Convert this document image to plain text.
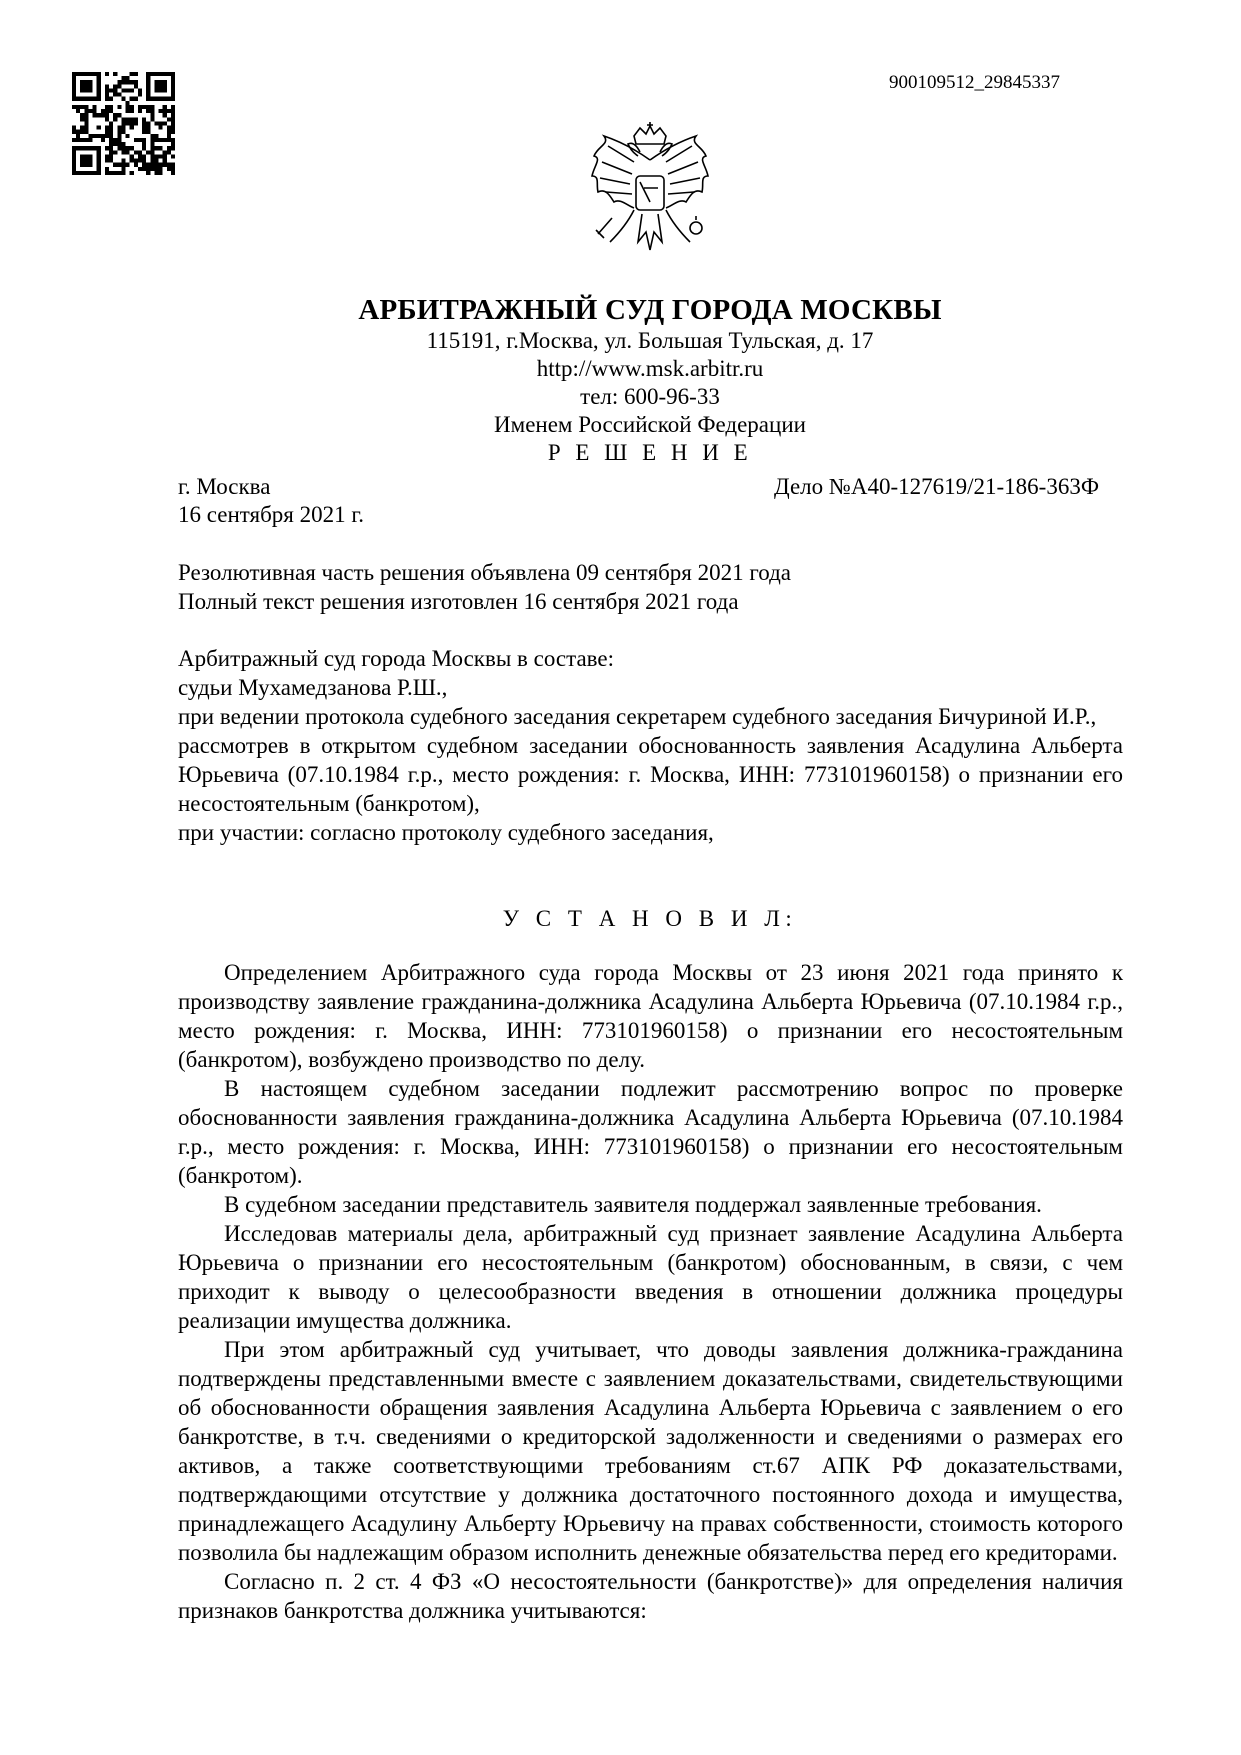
900109512_29845337
АРБИТРАЖНЫЙ СУД ГОРОДА МОСКВЫ
115191, г.Москва, ул. Большая Тульская, д. 17
http://www.msk.arbitr.ru
тел: 600-96-33
Именем Российской Федерации
Р Е Ш Е Н И Е
г. Москва	Дело №А40-127619/21-186-363Ф
16 сентября 2021 г.

Резолютивная часть решения объявлена 09 сентября 2021 года

Полный текст решения изготовлен 16 сентября 2021 года

Арбитражный суд города Москвы в составе:

судьи Мухамедзанова Р.Ш.,

при ведении протокола судебного заседания секретарем судебного заседания Бичуриной И.Р.,

рассмотрев в открытом судебном заседании обоснованность заявления Асадулина Альберта Юрьевича (07.10.1984 г.р., место рождения: г. Москва, ИНН: 773101960158) о признании его несостоятельным (банкротом),

при участии: согласно протоколу судебного заседания,

У С Т А Н О В И Л:

Определением Арбитражного суда города Москвы от 23 июня 2021 года принято к производству заявление гражданина-должника Асадулина Альберта Юрьевича (07.10.1984 г.р., место рождения: г. Москва, ИНН: 773101960158) о признании его несостоятельным (банкротом), возбуждено производство по делу.

В настоящем судебном заседании подлежит рассмотрению вопрос по проверке обоснованности заявления гражданина-должника Асадулина Альберта Юрьевича (07.10.1984 г.р., место рождения: г. Москва, ИНН: 773101960158) о признании его несостоятельным (банкротом).

В судебном заседании представитель заявителя поддержал заявленные требования.

Исследовав материалы дела, арбитражный суд признает заявление Асадулина Альберта Юрьевича о признании его несостоятельным (банкротом) обоснованным, в связи, с чем приходит к выводу о целесообразности введения в отношении должника процедуры реализации имущества должника.

При этом арбитражный суд учитывает, что доводы заявления должника-гражданина подтверждены представленными вместе с заявлением доказательствами, свидетельствующими об обоснованности обращения заявления Асадулина Альберта Юрьевича с заявлением о его банкротстве, в т.ч. сведениями о кредиторской задолженности и сведениями о размерах его активов, а также соответствующими требованиям ст.67 АПК РФ доказательствами, подтверждающими отсутствие у должника достаточного постоянного дохода и имущества, принадлежащего Асадулину Альберту Юрьевичу на правах собственности, стоимость которого позволила бы надлежащим образом исполнить денежные обязательства перед его кредиторами.

Согласно п. 2 ст. 4 ФЗ «О несостоятельности (банкротстве)» для определения наличия признаков банкротства должника учитываются:
